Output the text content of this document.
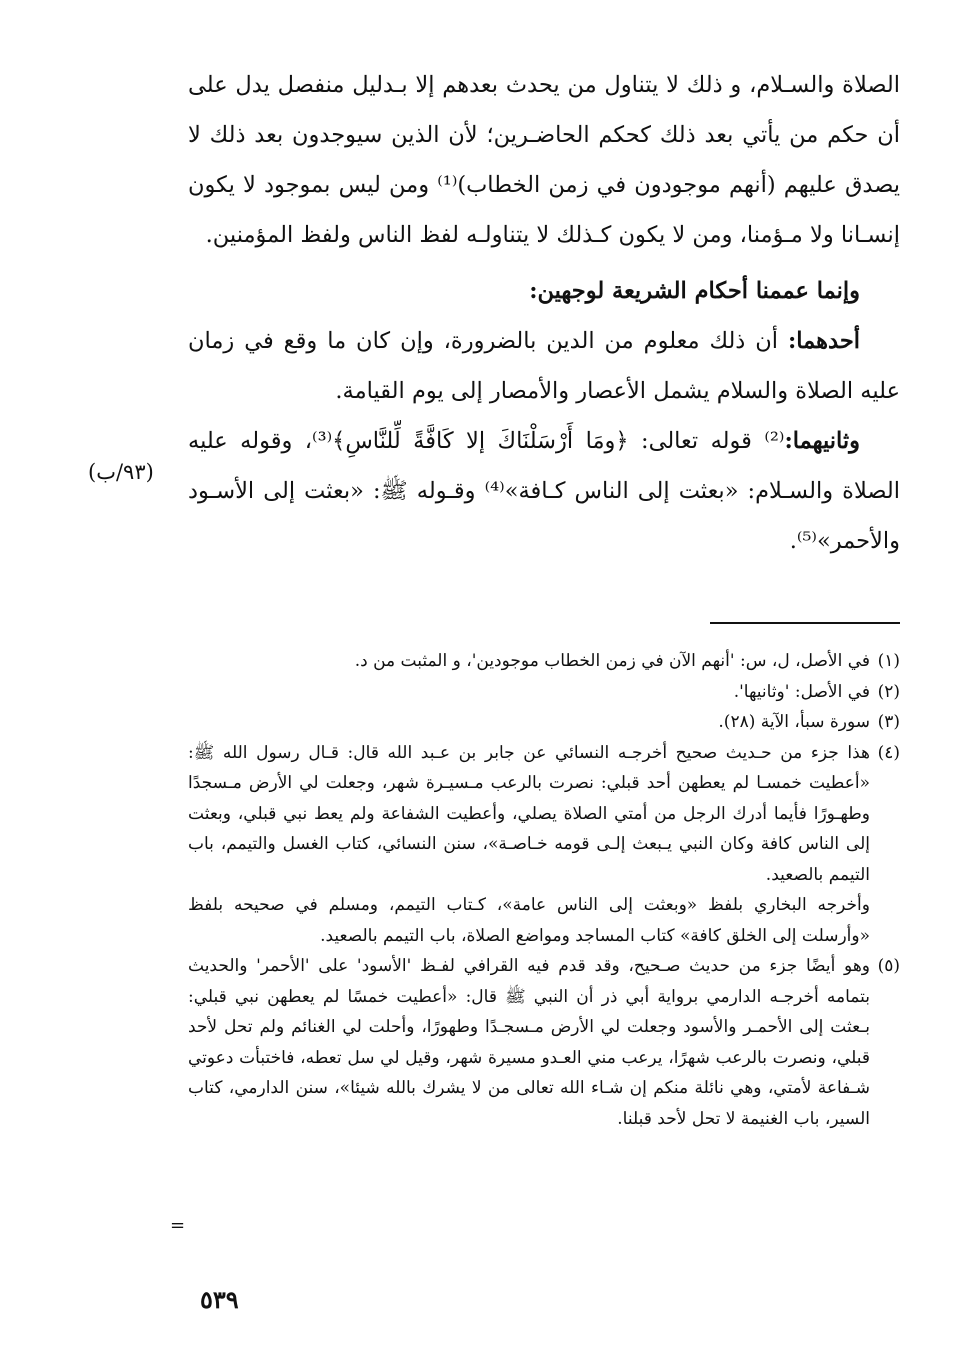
الصلاة والسـلام، و ذلك لا يتناول من يحدث بعدهم إلا بـدليل منفصل يدل على أن حكم من يأتي بعد ذلك كحكم الحاضـرين؛ لأن الذين سيوجدون بعد ذلك لا يصدق عليهم (أنهم موجودون في زمن الخطاب)⁽¹⁾ ومن ليس بموجود لا يكون إنسـانا ولا مـؤمنا، ومن لا يكون كـذلك لا يتناولـه لفظ الناس ولفظ المؤمنين.

وإنما عممنا أحكام الشريعة لوجهين:

أحدهما: أن ذلك معلوم من الدين بالضرورة، وإن كان ما وقع في زمان عليه الصلاة والسلام يشمل الأعصار والأمصار إلى يوم القيامة.

وثانيهما:⁽²⁾ قوله تعالى: ﴿ومَا أَرْسَلْنَاكَ إلا كَافَّةً لِّلنَّاسِ﴾⁽³⁾، وقوله عليه الصلاة والسـلام: «بعثت إلى الناس كـافة»⁽⁴⁾ وقـوله ﷺ: «بعثت إلى الأسـود والأحمر»⁽⁵⁾.

(٩٣/ب)

(١)
في الأصل، ل، س: 'أنهم الآن في زمن الخطاب موجودين'، و المثبت من د.

(٢)
في الأصل: 'وثانيها'.

(٣)
سورة سبأ، الآية (٢٨).

(٤)
هذا جزء من حـديث صحيح أخرجـه النسائي عن جابر بن عـبد الله قال: قـال رسول الله ﷺ: «أعطيت خمسـا لم يعطهن أحد قبلي: نصرت بالرعب مـسيـرة شهر، وجعلت لي الأرض مـسجدًا وطهـورًا فأيما أدرك الرجل من أمتي الصلاة يصلي، وأعطيت الشفاعة ولم يعط نبي قبلي، وبعثت إلى الناس كافة وكان النبي يـبعث إلـى قومه خـاصـة»، سنن النسائي، كتاب الغسل والتيمم، باب التيمم بالصعيد.

وأخرجه البخاري بلفظ «وبعثت إلى الناس عامة»، كـتاب التيمم، ومسلم في صحيحه بلفظ «وأرسلت إلى الخلق كافة» كتاب المساجد ومواضع الصلاة، باب التيمم بالصعيد.

(٥)
وهو أيضًا جزء من حديث صـحيح، وقد قدم فيه القرافي لفـظ 'الأسود' على 'الأحمر' والحديث بتمامه أخرجـه الدارمي برواية أبي ذر أن النبي ﷺ قال: «أعطيت خمسًا لم يعطهن نبي قبلي: بـعثت إلى الأحمـر والأسود وجعلت لي الأرض مـسجـدًا وطهورًا، وأحلت لي الغنائم ولم تحل لأحد قبلي، ونصرت بالرعب شهرًا، يرعب مني العـدو مسيرة شهر، وقيل لي سل تعطه، فاختبأت دعوتي شـفاعة لأمتي، وهي نائلة منكم إن شـاء الله تعالى من لا يشرك بالله شيئا»، سنن الدارمي، كتاب السير، باب الغنيمة لا تحل لأحد قبلنا.

=
٥٣٩
